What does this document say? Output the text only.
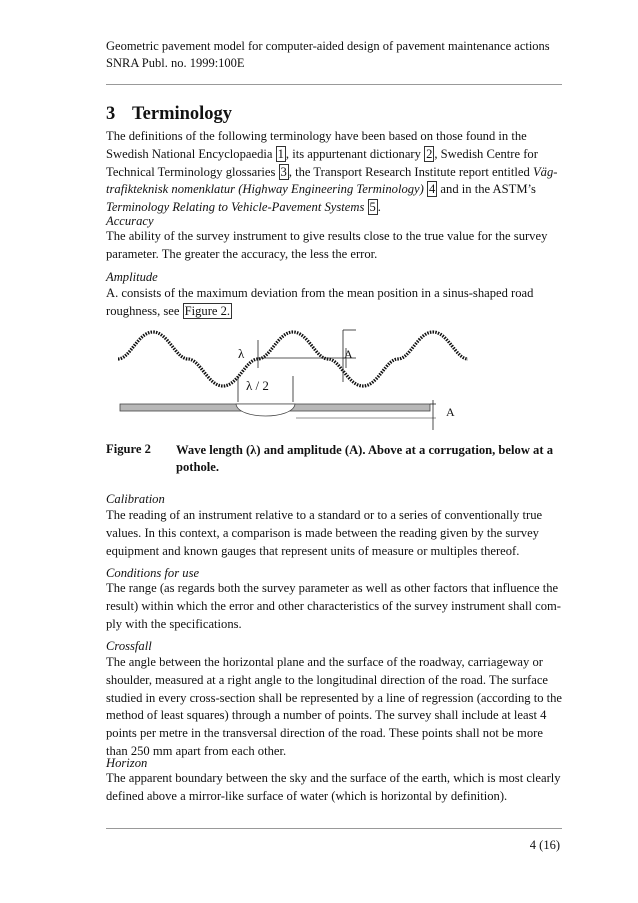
Geometric pavement model for computer-aided design of pavement maintenance actions
SNRA Publ. no. 1999:100E
3 Terminology
The definitions of the following terminology have been based on those found in the Swedish National Encyclopaedia 1 , its appurtenant dictionary 2 , Swedish Centre for Technical Terminology glossaries 3 , the Transport Research Institute report entitled Väg-trafikteknisk nomenklatur (Highway Engineering Terminology) 4 and in the ASTM’s Terminology Relating to Vehicle-Pavement Systems 5 .
Accuracy
The ability of the survey instrument to give results close to the true value for the survey parameter. The greater the accuracy, the less the error.
Amplitude
A. consists of the maximum deviation from the mean position in a sinus-shaped road roughness, see Figure 2.
λ
λ / 2
A
A
Figure 2 Wave length (λ) and amplitude (A). Above at a corrugation, below at a pothole.
Calibration
The reading of an instrument relative to a standard or to a series of conventionally true values. In this context, a comparison is made between the reading given by the survey equipment and known gauges that represent units of measure or multiples thereof.
Conditions for use
The range (as regards both the survey parameter as well as other factors that influence the result) within which the error and other characteristics of the survey instrument shall com-ply with the specifications.
Crossfall
The angle between the horizontal plane and the surface of the roadway, carriageway or shoulder, measured at a right angle to the longitudinal direction of the road. The surface studied in every cross-section shall be represented by a line of regression (according to the method of least squares) through a number of points. The survey shall include at least 4 points per metre in the transversal direction of the road. These points shall not be more than 250 mm apart from each other.
Horizon
The apparent boundary between the sky and the surface of the earth, which is most clearly defined above a mirror-like surface of water (which is horizontal by definition).
4 (16)
